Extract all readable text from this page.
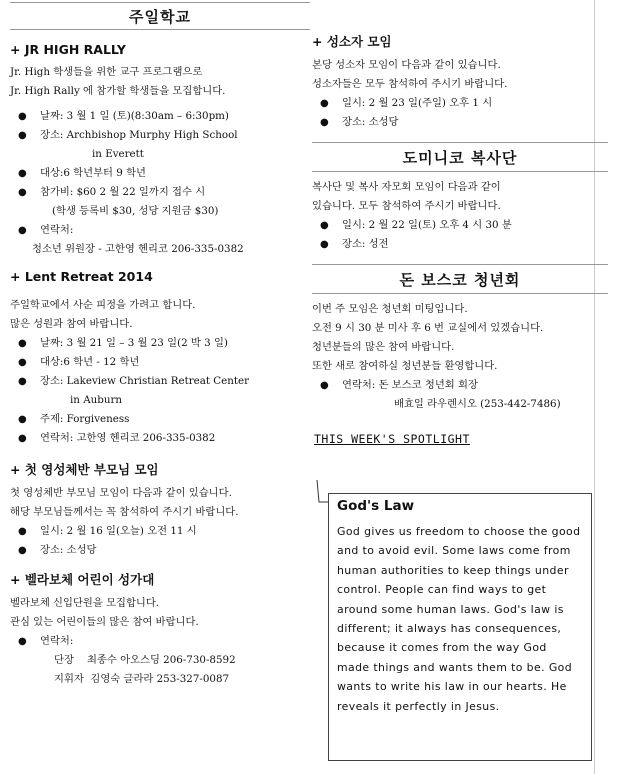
주일학교

+ JR HIGH RALLY

Jr. High 학생들을 위한 교구 프로그램으로

Jr. High Rally 에 참가할 학생들을 모집합니다.

● 날짜: 3 월 1 일 (토)(8:30am – 6:30pm)
● 장소: Archbishop Murphy High School
in Everett
● 대상:6 학년부터 9 학년
● 참가비: $60 2 월 22 일까지 접수 시
(학생 등록비 $30, 성당 지원금 $30)
● 연락처:
청소년 위원장 - 고한영 헨리코 206-335-0382

+ Lent Retreat 2014

주일학교에서 사순 피정을 가려고 합니다.

많은 성원과 참여 바랍니다.

● 날짜: 3 월 21 일 – 3 월 23 일(2 박 3 일)
● 대상:6 학년 - 12 학년
● 장소: Lakeview Christian Retreat Center
in Auburn
● 주제: Forgiveness
● 연락처: 고한영 헨리코 206-335-0382

+ 첫 영성체반 부모님 모임

첫 영성체반 부모님 모임이 다음과 같이 있습니다.

해당 부모님들께서는 꼭 참석하여 주시기 바랍니다.

● 일시: 2 월 16 일(오늘) 오전 11 시
● 장소: 소성당

+ 벨라보체 어린이 성가대

벨라보체 신입단원을 모집합니다.

관심 있는 어린이들의 많은 참여 바랍니다.

● 연락처:
단장    최종수 아오스딩 206-730-8592
지휘자  김영숙 글라라 253-327-0087

+ 성소자 모임

본당 성소자 모임이 다음과 같이 있습니다.

성소자들은 모두 참석하여 주시기 바랍니다.

● 일시: 2 월 23 일(주일) 오후 1 시
● 장소: 소성당
도미니코 복사단

복사단 및 복사 자모회 모임이 다음과 같이

있습니다. 모두 참석하여 주시기 바랍니다.

● 일시: 2 월 22 일(토) 오후 4 시 30 분
● 장소: 성전
돈 보스코 청년회

이번 주 모임은 청년회 미팅입니다.

오전 9 시 30 분 미사 후 6 번 교실에서 있겠습니다.

청년분들의 많은 참여 바랍니다.

또한 새로 참여하실 청년분들 환영합니다.

● 연락처: 돈 보스코 청년회 회장
배효일 라우렌시오 (253-442-7486)
THIS WEEK'S SPOTLIGHT
God's Law
God gives us freedom to choose the good and to avoid evil. Some laws come from human authorities to keep things under control. People can find ways to get around some human laws. God's law is different; it always has consequences, because it comes from the way God made things and wants them to be. God wants to write his law in our hearts. He reveals it perfectly in Jesus.
